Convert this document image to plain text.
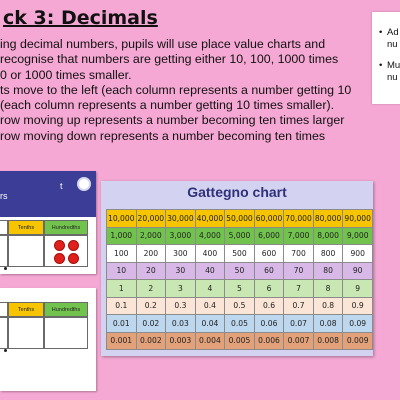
ck 3: Decimals
ing decimal numbers, pupils will use place value charts and
recognise that numbers are getting either 10, 100, 1000 times
0 or 1000 times smaller.
ts move to the left (each column represents a number getting 10
(each column represents a number getting 10 times smaller).
row moving up represents a number becoming ten times larger
row moving down represents a number becoming ten times
• Ad
nu
• Mu
nu
t
rs
Tenths	Hundredths
Tenths	Hundredths
Gattegno chart
10,000	20,000	30,000	40,000	50,000	60,000	70,000	80,000	90,000
1,000	2,000	3,000	4,000	5,000	6,000	7,000	8,000	9,000
100	200	300	400	500	600	700	800	900
10	20	30	40	50	60	70	80	90
1	2	3	4	5	6	7	8	9
0.1	0.2	0.3	0.4	0.5	0.6	0.7	0.8	0.9
0.01	0.02	0.03	0.04	0.05	0.06	0.07	0.08	0.09
0.001	0.002	0.003	0.004	0.005	0.006	0.007	0.008	0.009
